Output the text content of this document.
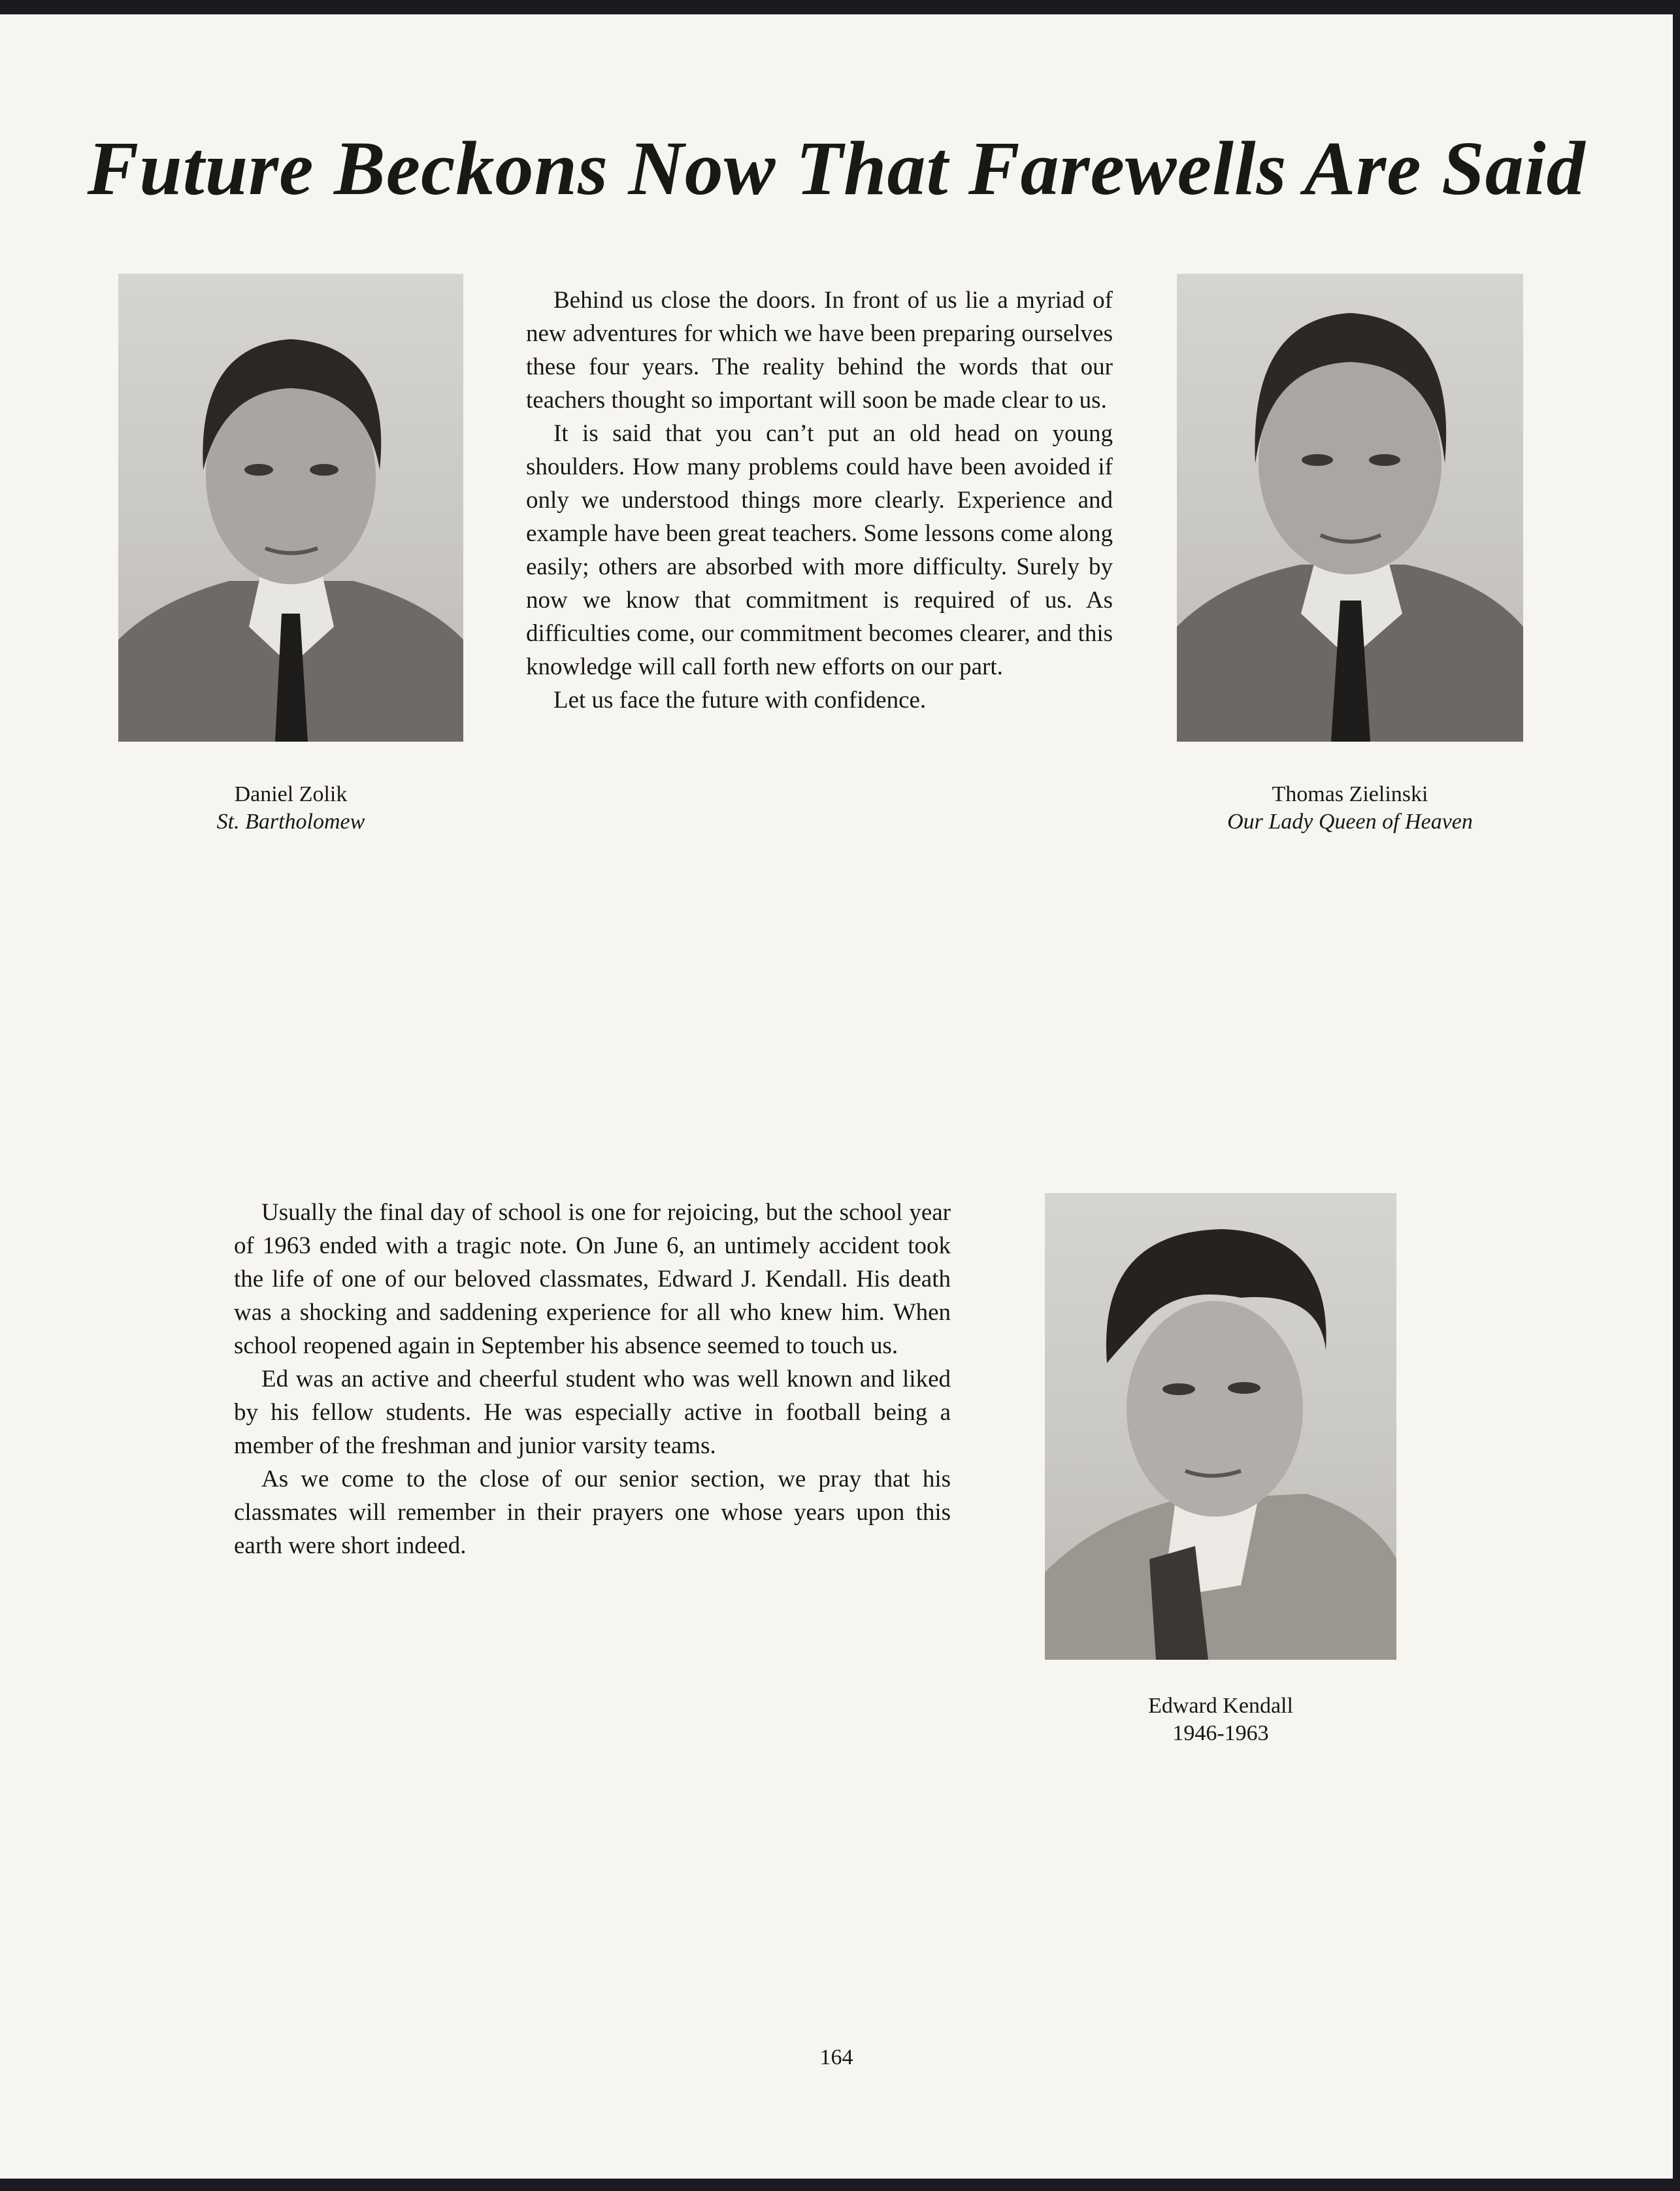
Future Beckons Now That Farewells Are Said
Daniel Zolik
St. Bartholomew

Behind us close the doors. In front of us lie a myriad of new adventures for which we have been preparing ourselves these four years. The reality behind the words that our teachers thought so important will soon be made clear to us.

It is said that you can’t put an old head on young shoulders. How many problems could have been avoided if only we understood things more clearly. Experience and example have been great teachers. Some lessons come along easily; others are absorbed with more difficulty. Surely by now we know that commitment is required of us. As difficulties come, our commitment becomes clearer, and this knowledge will call forth new efforts on our part.

Let us face the future with confidence.

Thomas Zielinski
Our Lady Queen of Heaven

Usually the final day of school is one for rejoicing, but the school year of 1963 ended with a tragic note. On June 6, an untimely accident took the life of one of our beloved classmates, Edward J. Kendall. His death was a shocking and saddening experience for all who knew him. When school reopened again in September his absence seemed to touch us.

Ed was an active and cheerful student who was well known and liked by his fellow students. He was especially active in football being a member of the freshman and junior varsity teams.

As we come to the close of our senior section, we pray that his classmates will remember in their prayers one whose years upon this earth were short indeed.

Edward Kendall
1946-1963
164
